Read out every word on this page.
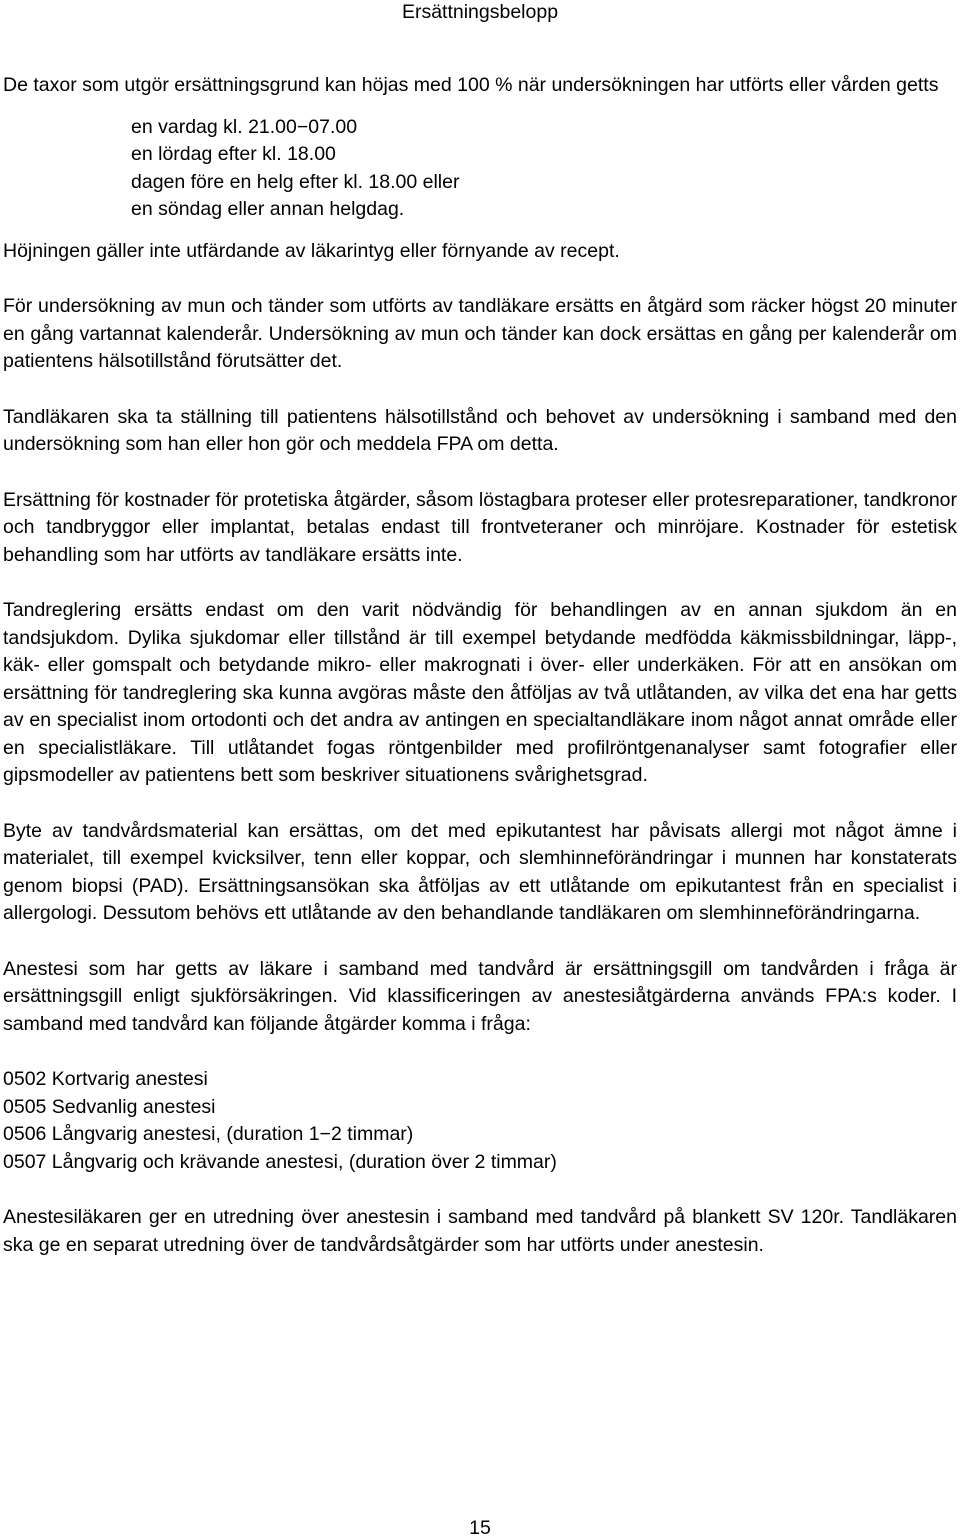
Ersättningsbelopp

De taxor som utgör ersättningsgrund kan höjas med 100 % när undersökningen har utförts eller vården getts

en vardag kl. 21.00−07.00
en lördag efter kl. 18.00
dagen före en helg efter kl. 18.00 eller
en söndag eller annan helgdag.

Höjningen gäller inte utfärdande av läkarintyg eller förnyande av recept.

För undersökning av mun och tänder som utförts av tandläkare ersätts en åtgärd som räcker högst 20 minuter en gång vartannat kalenderår. Undersökning av mun och tänder kan dock ersättas en gång per kalenderår om patientens hälsotillstånd förutsätter det.

Tandläkaren ska ta ställning till patientens hälsotillstånd och behovet av undersökning i samband med den undersökning som han eller hon gör och meddela FPA om detta.

Ersättning för kostnader för protetiska åtgärder, såsom löstagbara proteser eller protesreparationer, tandkronor och tandbryggor eller implantat, betalas endast till frontveteraner och minröjare. Kostnader för estetisk behandling som har utförts av tandläkare ersätts inte.

Tandreglering ersätts endast om den varit nödvändig för behandlingen av en annan sjukdom än en tandsjukdom. Dylika sjukdomar eller tillstånd är till exempel betydande medfödda käkmissbildningar, läpp-, käk- eller gomspalt och betydande mikro- eller makrognati i över- eller underkäken. För att en ansökan om ersättning för tandreglering ska kunna avgöras måste den åtföljas av två utlåtanden, av vilka det ena har getts av en specialist inom ortodonti och det andra av antingen en specialtandläkare inom något annat område eller en specialistläkare. Till utlåtandet fogas röntgenbilder med profilröntgenanalyser samt fotografier eller gipsmodeller av patientens bett som beskriver situationens svårighetsgrad.

Byte av tandvårdsmaterial kan ersättas, om det med epikutantest har påvisats allergi mot något ämne i materialet, till exempel kvicksilver, tenn eller koppar, och slemhinneförändringar i munnen har konstaterats genom biopsi (PAD). Ersättningsansökan ska åtföljas av ett utlåtande om epikutantest från en specialist i allergologi. Dessutom behövs ett utlåtande av den behandlande tandläkaren om slemhinneförändringarna.

Anestesi som har getts av läkare i samband med tandvård är ersättningsgill om tandvården i fråga är ersättningsgill enligt sjukförsäkringen. Vid klassificeringen av anestesiåtgärderna används FPA:s koder. I samband med tandvård kan följande åtgärder komma i fråga:

0502 Kortvarig anestesi
0505 Sedvanlig anestesi
0506 Långvarig anestesi, (duration 1−2 timmar)
0507 Långvarig och krävande anestesi, (duration över 2 timmar)

Anestesiläkaren ger en utredning över anestesin i samband med tandvård på blankett SV 120r. Tandläkaren ska ge en separat utredning över de tandvårdsåtgärder som har utförts under anestesin.

15
